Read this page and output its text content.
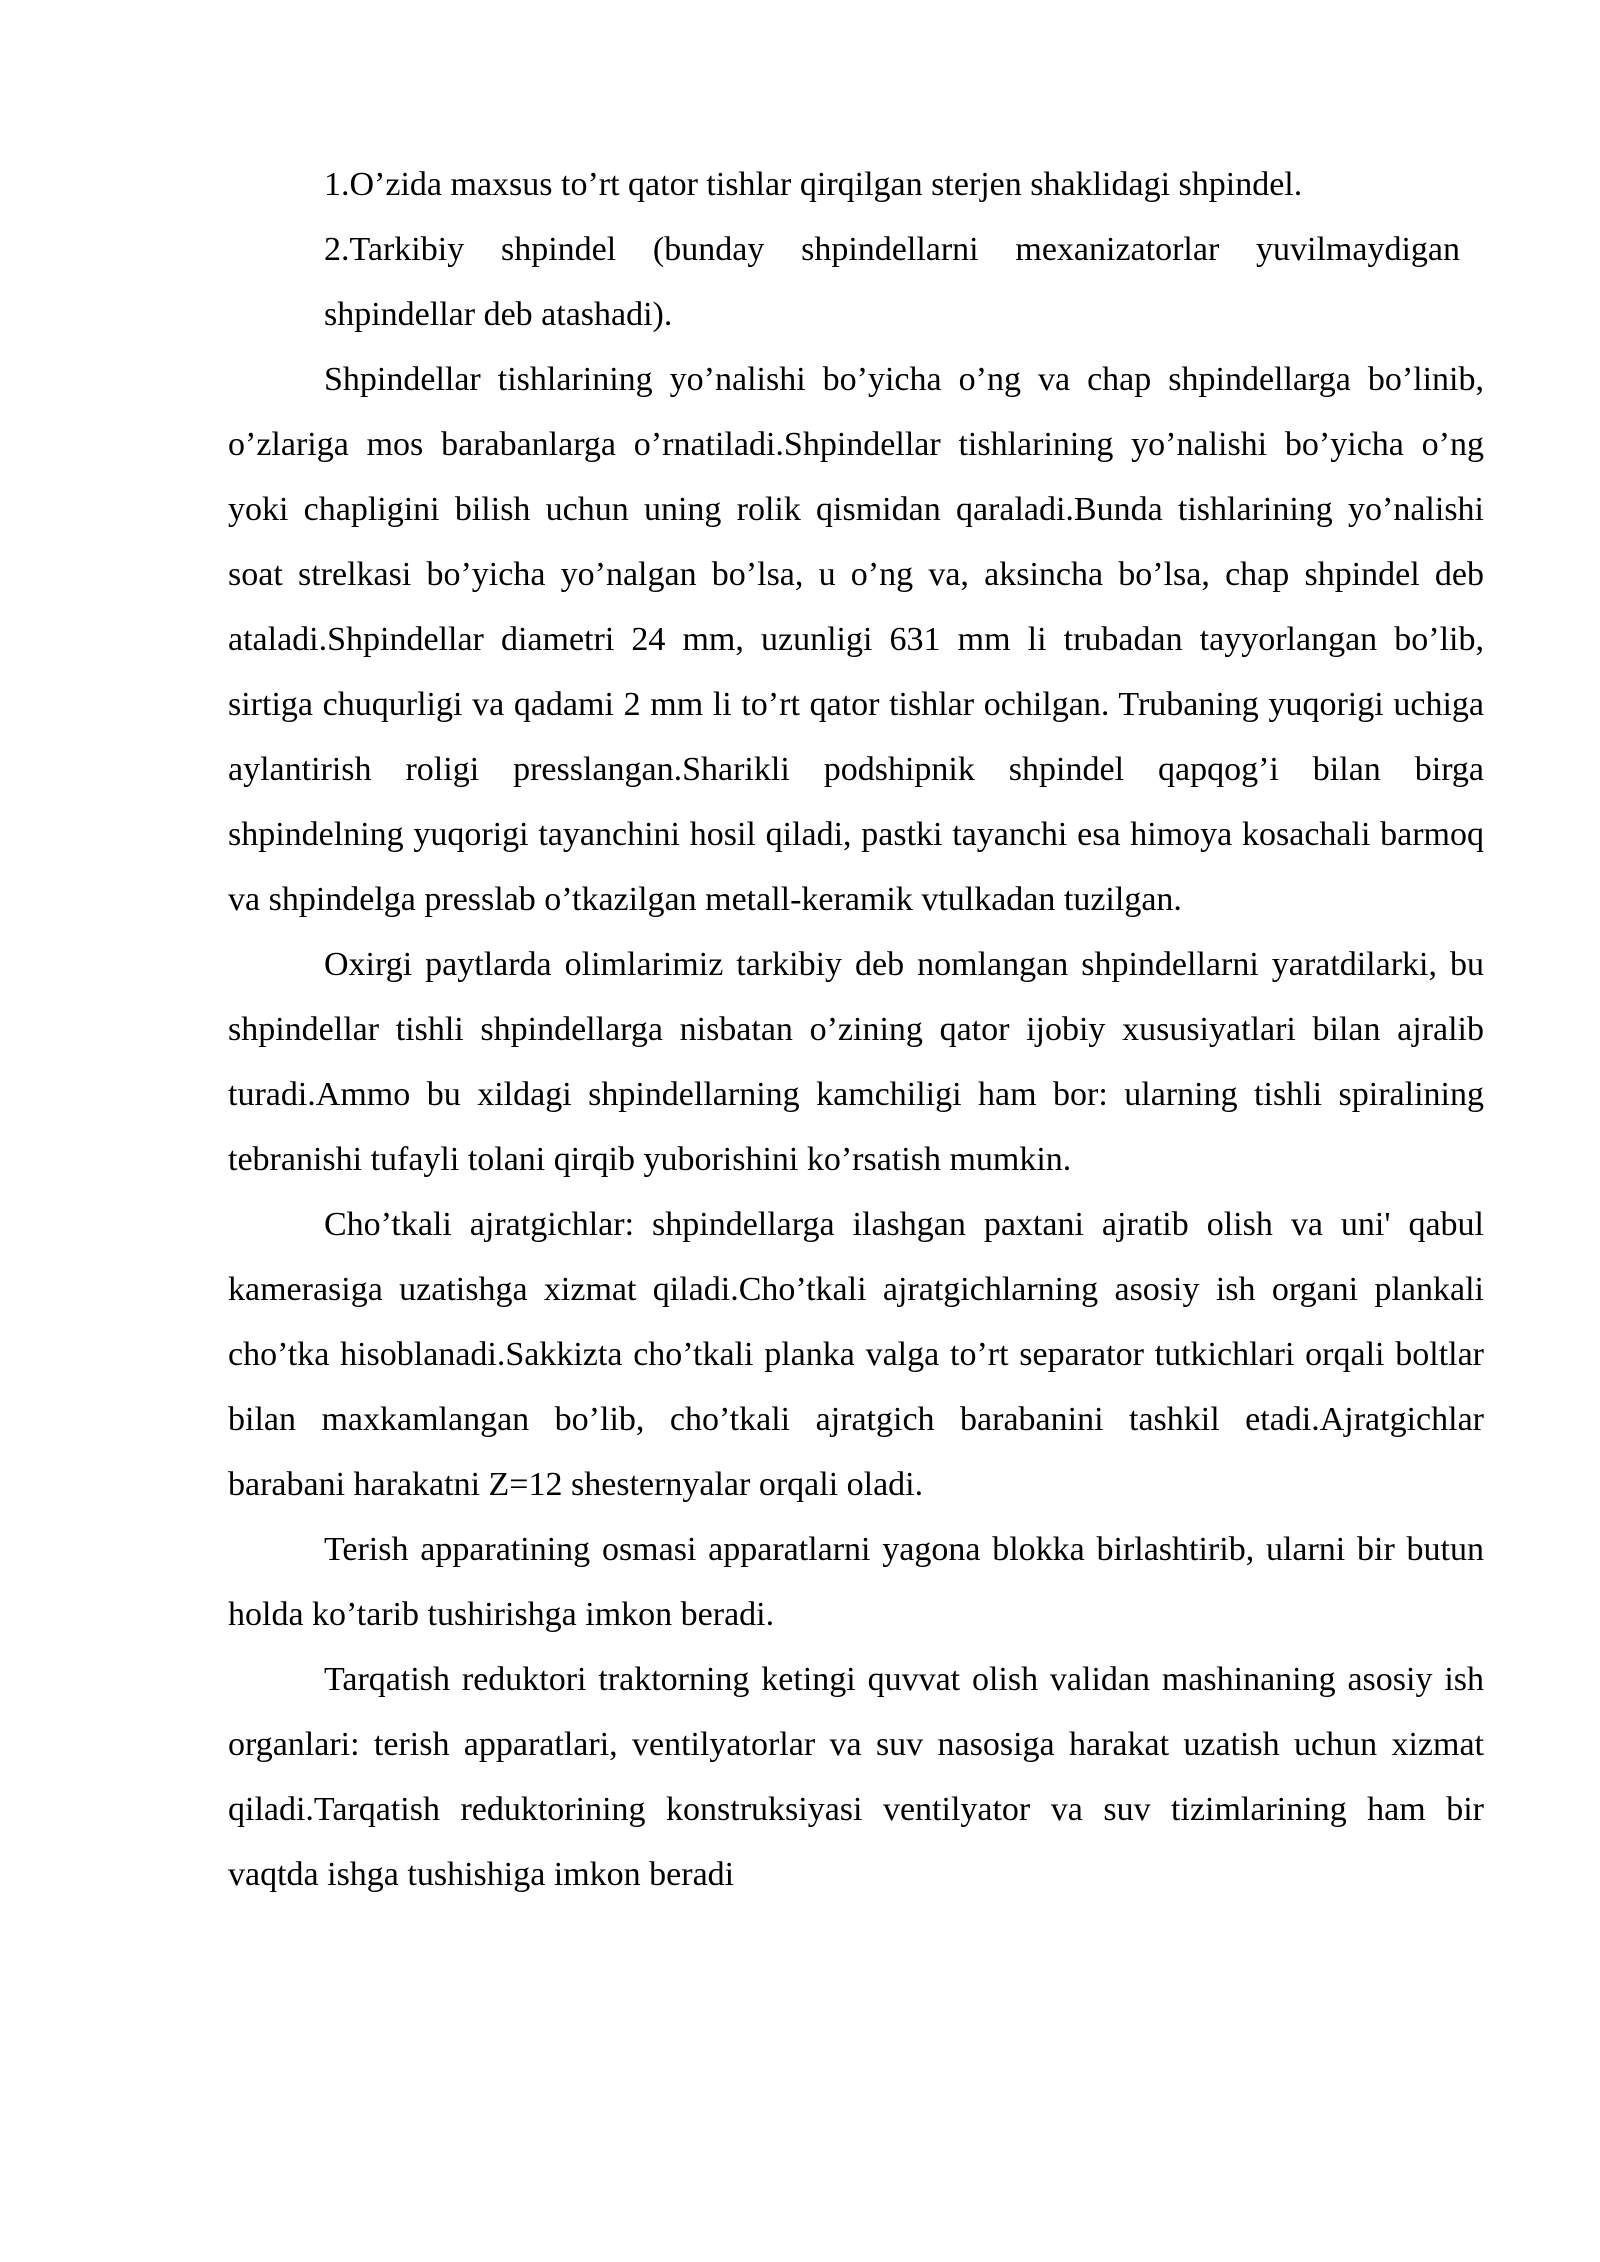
1.O’zida maxsus to’rt qator tishlar qirqilgan sterjen shaklidagi shpindel.

2.Tarkibiy shpindel (bunday shpindellarni mexanizatorlar yuvilmaydigan shpindellar deb atashadi).

Shpindellar tishlarining yo’nalishi bo’yicha o’ng va chap shpindellarga bo’linib, o’zlariga mos barabanlarga o’rnatiladi.Shpindellar tishlarining yo’nalishi bo’yicha o’ng yoki chapligini bilish uchun uning rolik qismidan qaraladi.Bunda tishlarining yo’nalishi soat strelkasi bo’yicha yo’nalgan bo’lsa, u o’ng va, aksincha bo’lsa, chap shpindel deb ataladi.Shpindellar diametri 24 mm, uzunligi 631 mm li trubadan tayyorlangan bo’lib, sirtiga chuqurligi va qadami 2 mm li to’rt qator tishlar ochilgan. Trubaning yuqorigi uchiga aylantirish roligi presslangan.Sharikli podshipnik shpindel qapqog’i bilan birga shpindelning yuqorigi tayanchini hosil qiladi, pastki tayanchi esa himoya kosachali barmoq va shpindelga presslab o’tkazilgan metall-keramik vtulkadan tuzilgan.

Oxirgi paytlarda olimlarimiz tarkibiy deb nomlangan shpindellarni yaratdilarki, bu shpindellar tishli shpindellarga nisbatan o’zining qator ijobiy xususiyatlari bilan ajralib turadi.Ammo bu xildagi shpindellarning kamchiligi ham bor: ularning tishli spiralining tebranishi tufayli tolani qirqib yuborishini ko’rsatish mumkin.

Cho’tkali ajratgichlar: shpindellarga ilashgan paxtani ajratib olish va uni' qabul kamerasiga uzatishga xizmat qiladi.Cho’tkali ajratgichlarning asosiy ish organi plankali cho’tka hisoblanadi.Sakkizta cho’tkali planka valga to’rt separator tutkichlari orqali boltlar bilan maxkamlangan bo’lib, cho’tkali ajratgich barabanini tashkil etadi.Ajratgichlar barabani harakatni Z=12 shesternyalar orqali oladi.

Terish apparatining osmasi apparatlarni yagona blokka birlashtirib, ularni bir butun holda ko’tarib tushirishga imkon beradi.

Tarqatish reduktori traktorning ketingi quvvat olish validan mashinaning asosiy ish organlari: terish apparatlari, ventilyatorlar va suv nasosiga harakat uzatish uchun xizmat qiladi.Tarqatish reduktorining konstruksiyasi ventilyator va suv tizimlarining ham bir vaqtda ishga tushishiga imkon beradi
